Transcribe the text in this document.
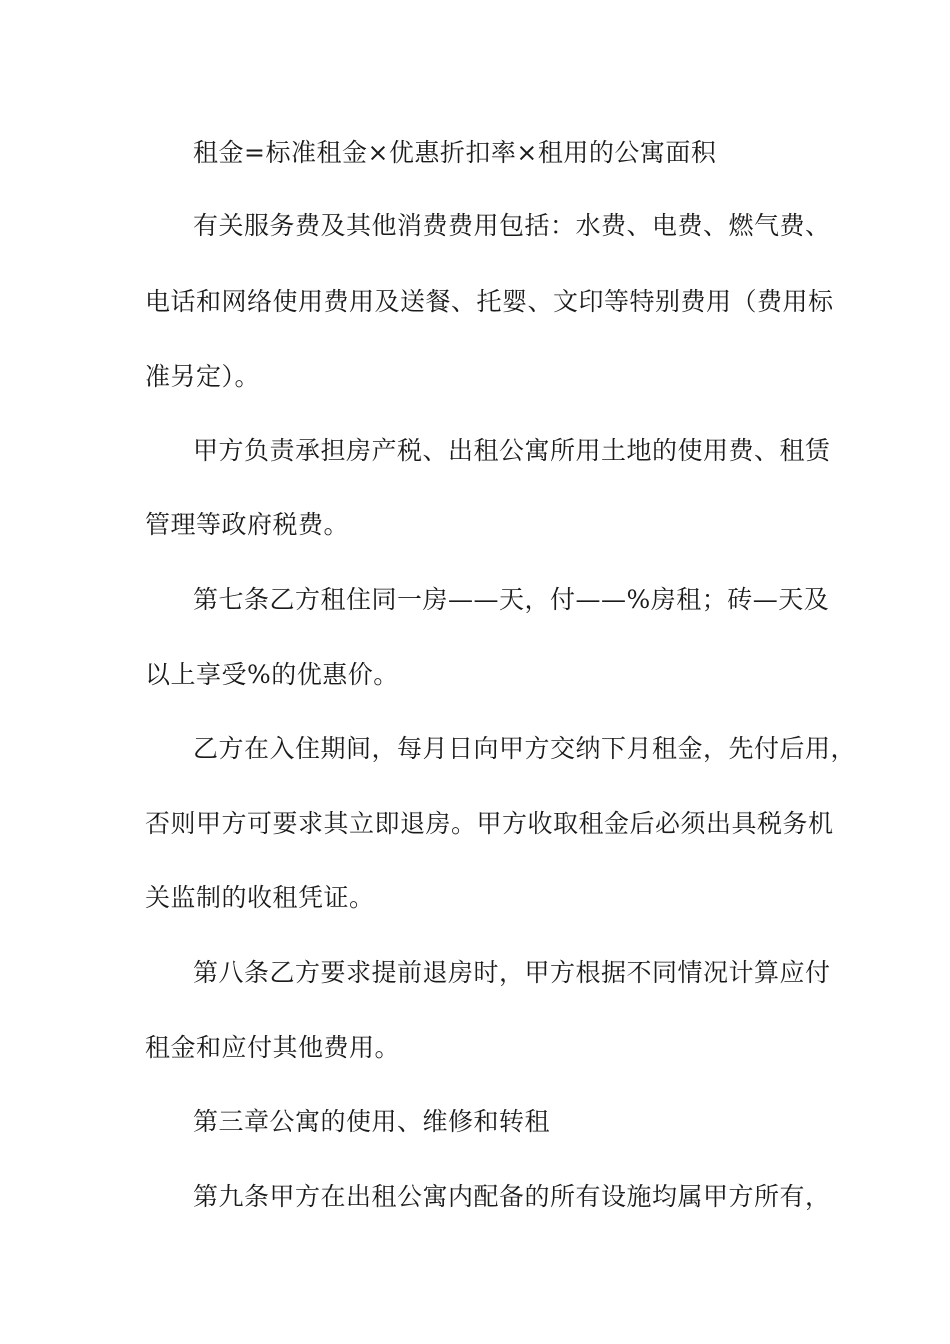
租金=标准租金×优惠折扣率×租用的公寓面积
有关服务费及其他消费费用包括：水费、电费、燃气费、
电话和网络使用费用及送餐、托婴、文印等特别费用（费用标
准另定）。
甲方负责承担房产税、出租公寓所用土地的使用费、租赁
管理等政府税费。
第七条乙方租住同一房——天，付——%房租；砖—天及
以上享受%的优惠价。
乙方在入住期间，每月日向甲方交纳下月租金，先付后用，
否则甲方可要求其立即退房。甲方收取租金后必须出具税务机
关监制的收租凭证。
第八条乙方要求提前退房时，甲方根据不同情况计算应付
租金和应付其他费用。
第三章公寓的使用、维修和转租
第九条甲方在出租公寓内配备的所有设施均属甲方所有，
